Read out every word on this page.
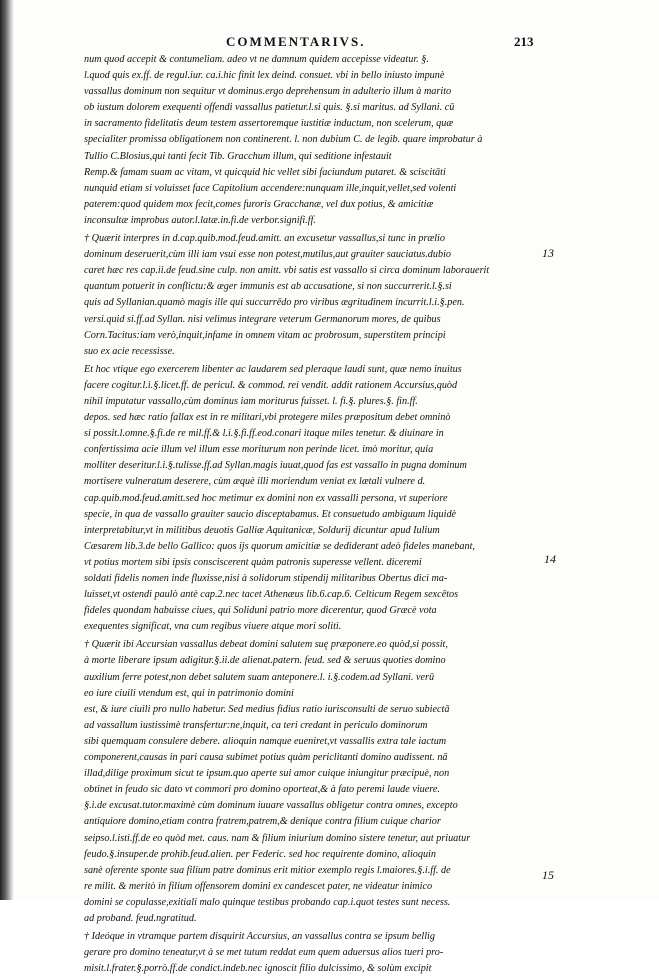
COMMENTARIVS.	213
num quod accepit & contumeliam. adeo vt ne damnum quidem accepisse videatur. §.
l.quod quis ex.ff. de regul.iur. ca.i.hic finit lex deind. consuet. vbi in bello iniusto impunè
vassallus dominum non sequitur vt dominus.ergo deprehensum in adulterio illum à marito
ob iustum dolorem exequenti offendi vassallus patietur.l.si quis. §.si maritus. ad Syllani. cū
in sacramento fidelitatis deum testem assertoremque iustitiæ inductum, non scelerum, quæ
specialiter promissa obligationem non continerent. l. non dubium C. de legib. quare improbatur à
Tullio C.Blosius,qui tanti fecit Tib. Gracchum illum, qui seditione infestauit
Remp.& famam suam ac vitam, vt quicquid hic vellet sibi faciundum putaret. & sciscitāti
nunquid etiam si voluisset face Capitolium accendere:nunquam ille,inquit,vellet,sed volenti
paterem:quod quidem mox fecit,comes furoris Gracchanæ, vel dux potius, & amicitiæ
inconsultæ improbus autor.l.latæ.in.fi.de verbor.signifi.ff.
† Quærit interpres in d.cap.quib.mod.feud.amitt. an excusetur vassallus,si tunc in prælio
dominum deseruerit,cùm illi iam vsui esse non potest,mutilus,aut grauiter sauciatus.dubio
caret hæc res cap.ii.de feud.sine culp. non amitt. vbi satis est vassallo si circa dominum laborauerit
quantum potuerit in conflictu:& æger immunis est ab accusatione, si non succurrerit.l.§.si
quis ad Syllanian.quamò magis ille qui succurrēdo pro viribus ægritudinem incurrit.l.i.§.pen.
versi.quid si.ff.ad Syllan. nisi velimus integrare veterum Germanorum mores, de quibus
Corn.Tacitus:iam verò,inquit,infame in omnem vitam ac probrosum, superstitem principi
suo ex acie recessisse.
Et hoc vtique ego exercerem libenter ac laudarem sed pleraque laudi sunt, quæ nemo inuitus
facere cogitur.l.i.§.licet.ff. de pericul. & commod. rei vendit. addit rationem Accursius,quòd
nihil imputatur vassallo,cùm dominus iam moriturus fuisset. l. fi.§. plures.§. fin.ff.
depos. sed hæc ratio fallax est in re militari,vbi protegere miles præpositum debet omninò
si possit.l.omne.§.fi.de re mil.ff.& l.i.§.fi.ff.eod.conari itaque miles tenetur. & diuinare in
confertissima acie illum vel illum esse moriturum non perinde licet. imò moritur, quia
molliter deseritur.l.i.§.tulisse.ff.ad Syllan.magis iuuat,quod fas est vassallo in pugna dominum
mortisere vulneratum deserere, cùm æquè illi moriendum veniat ex lætali vulnere d.
cap.quib.mod.feud.amitt.sed hoc metimur ex domini non ex vassalli persona, vt superiore
specie, in qua de vassallo grauiter saucio disceptabamus. Et consuetudo ambiguum liquidè
interpretabitur,vt in militibus deuotis Galliæ Aquitanicæ, Soldurij dicuntur apud Iulium
Cæsarem lib.3.de bello Gallico: quos ijs quorum amicitiæ se dediderant adeò fideles manebant,
vt potius mortem sibi ipsis consciscerent quàm patronis superesse vellent. diceremi
soldati fidelis nomen inde fluxisse,nisi à solidorum stipendij militaribus Obertus dici ma-
luisset,vt ostendi paulò antè cap.2.nec tacet Athenæus lib.6.cap.6. Celticum Regem sexcētos
fideles quondam habuisse ciues, qui Soliduni patrio more dicerentur, quod Græcè vota
exequentes significat, vna cum regibus viuere atque mori soliti.
† Quærit ibi Accursian vassallus debeat domini salutem suę præponere.eo quòd,si possit,
à morte liberare ipsum adigitur.§.ii.de alienat.patern. feud. sed & seruus quoties domino
auxilium ferre potest,non debet salutem suam anteponere.l. i.§.codem.ad Syllani. verū
eo iure ciuili vtendum est, qui in patrimonio domini
est, & iure ciuili pro nullo habetur. Sed medius fidius ratio iurisconsulti de seruo subiectā
ad vassallum iustissimè transfertur:ne,inquit, ca teri credant in periculo dominorum
sibi quemquam consulere debere. alioquin namque eueniret,vt vassallis extra tale iactum
componerent,causas in pari causa subimet potius quàm periclitanti domino audissent. nā
illad,dilige proximum sicut te ipsum.quo aperte sui amor cuique iniungitur præcipuè, non
obtinet in feudo sic dato vt commori pro domino oporteat,& à fato peremi laude viuere.
§.i.de excusat.tutor.maximè cùm dominum iuuare vassallus obligetur contra omnes, excepto
antiquiore domino,etiam contra fratrem,patrem,& denique contra filium cuique charior
seipso.l.isti.ff.de eo quòd met. caus. nam & filium iniurium domino sistere tenetur, aut priuatur
feudo.§.insuper.de prohib.feud.alien. per Federic. sed hoc requirente domino, alioquin
sanè oferente sponte sua filium patre dominus erit mitior exemplo regis l.maiores.§.i.ff. de
re milit. & meritò in filium offensorem domini ex candescet pater, ne videatur inimico
domini se copulasse,exitiali malo quinque testibus probando cap.i.quot testes sunt necess.
ad proband. feud.ngratitud.
† Ideóque in vtramque partem disquirit Accursius, an vassallus contra se ipsum bellig
gerare pro domino teneatur,vt à se met tutum reddat eum quem aduersus alios tueri pro-
misit.l.frater.§.porrò.ff.de condict.indeb.nec ignoscit filio dulcissimo, & solùm excipit
13
14
15
